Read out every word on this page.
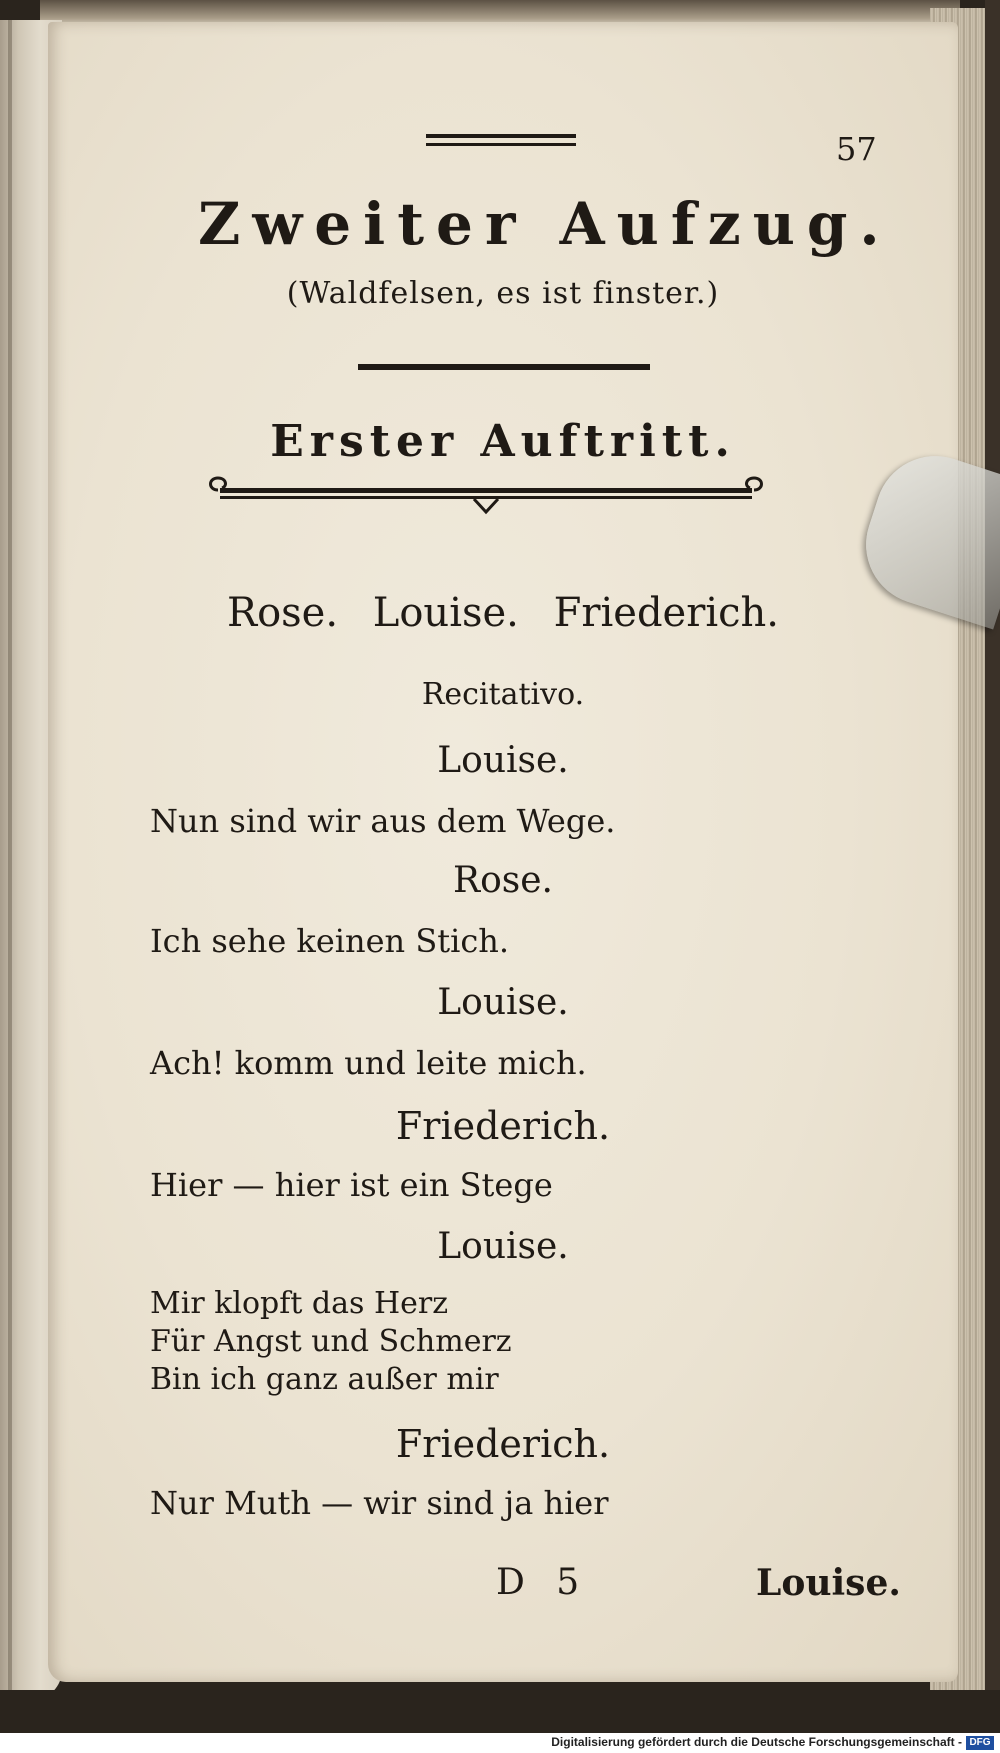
57
Zweiter Aufzug.
(Waldfelsen, es ist finster.)
Erster Auftritt.
Rose. Louise. Friederich.
Recitativo.
Louise.
Nun sind wir aus dem Wege.
Rose.
Ich sehe keinen Stich.
Louise.
Ach! komm und leite mich.
Friederich.
Hier — hier ist ein Stege
Louise.
Mir klopft das Herz
Für Angst und Schmerz
Bin ich ganz außer mir
Friederich.
Nur Muth — wir sind ja hier
D 5	Louise.
Digitalisierung gefördert durch die Deutsche Forschungsgemeinschaft - DFG
